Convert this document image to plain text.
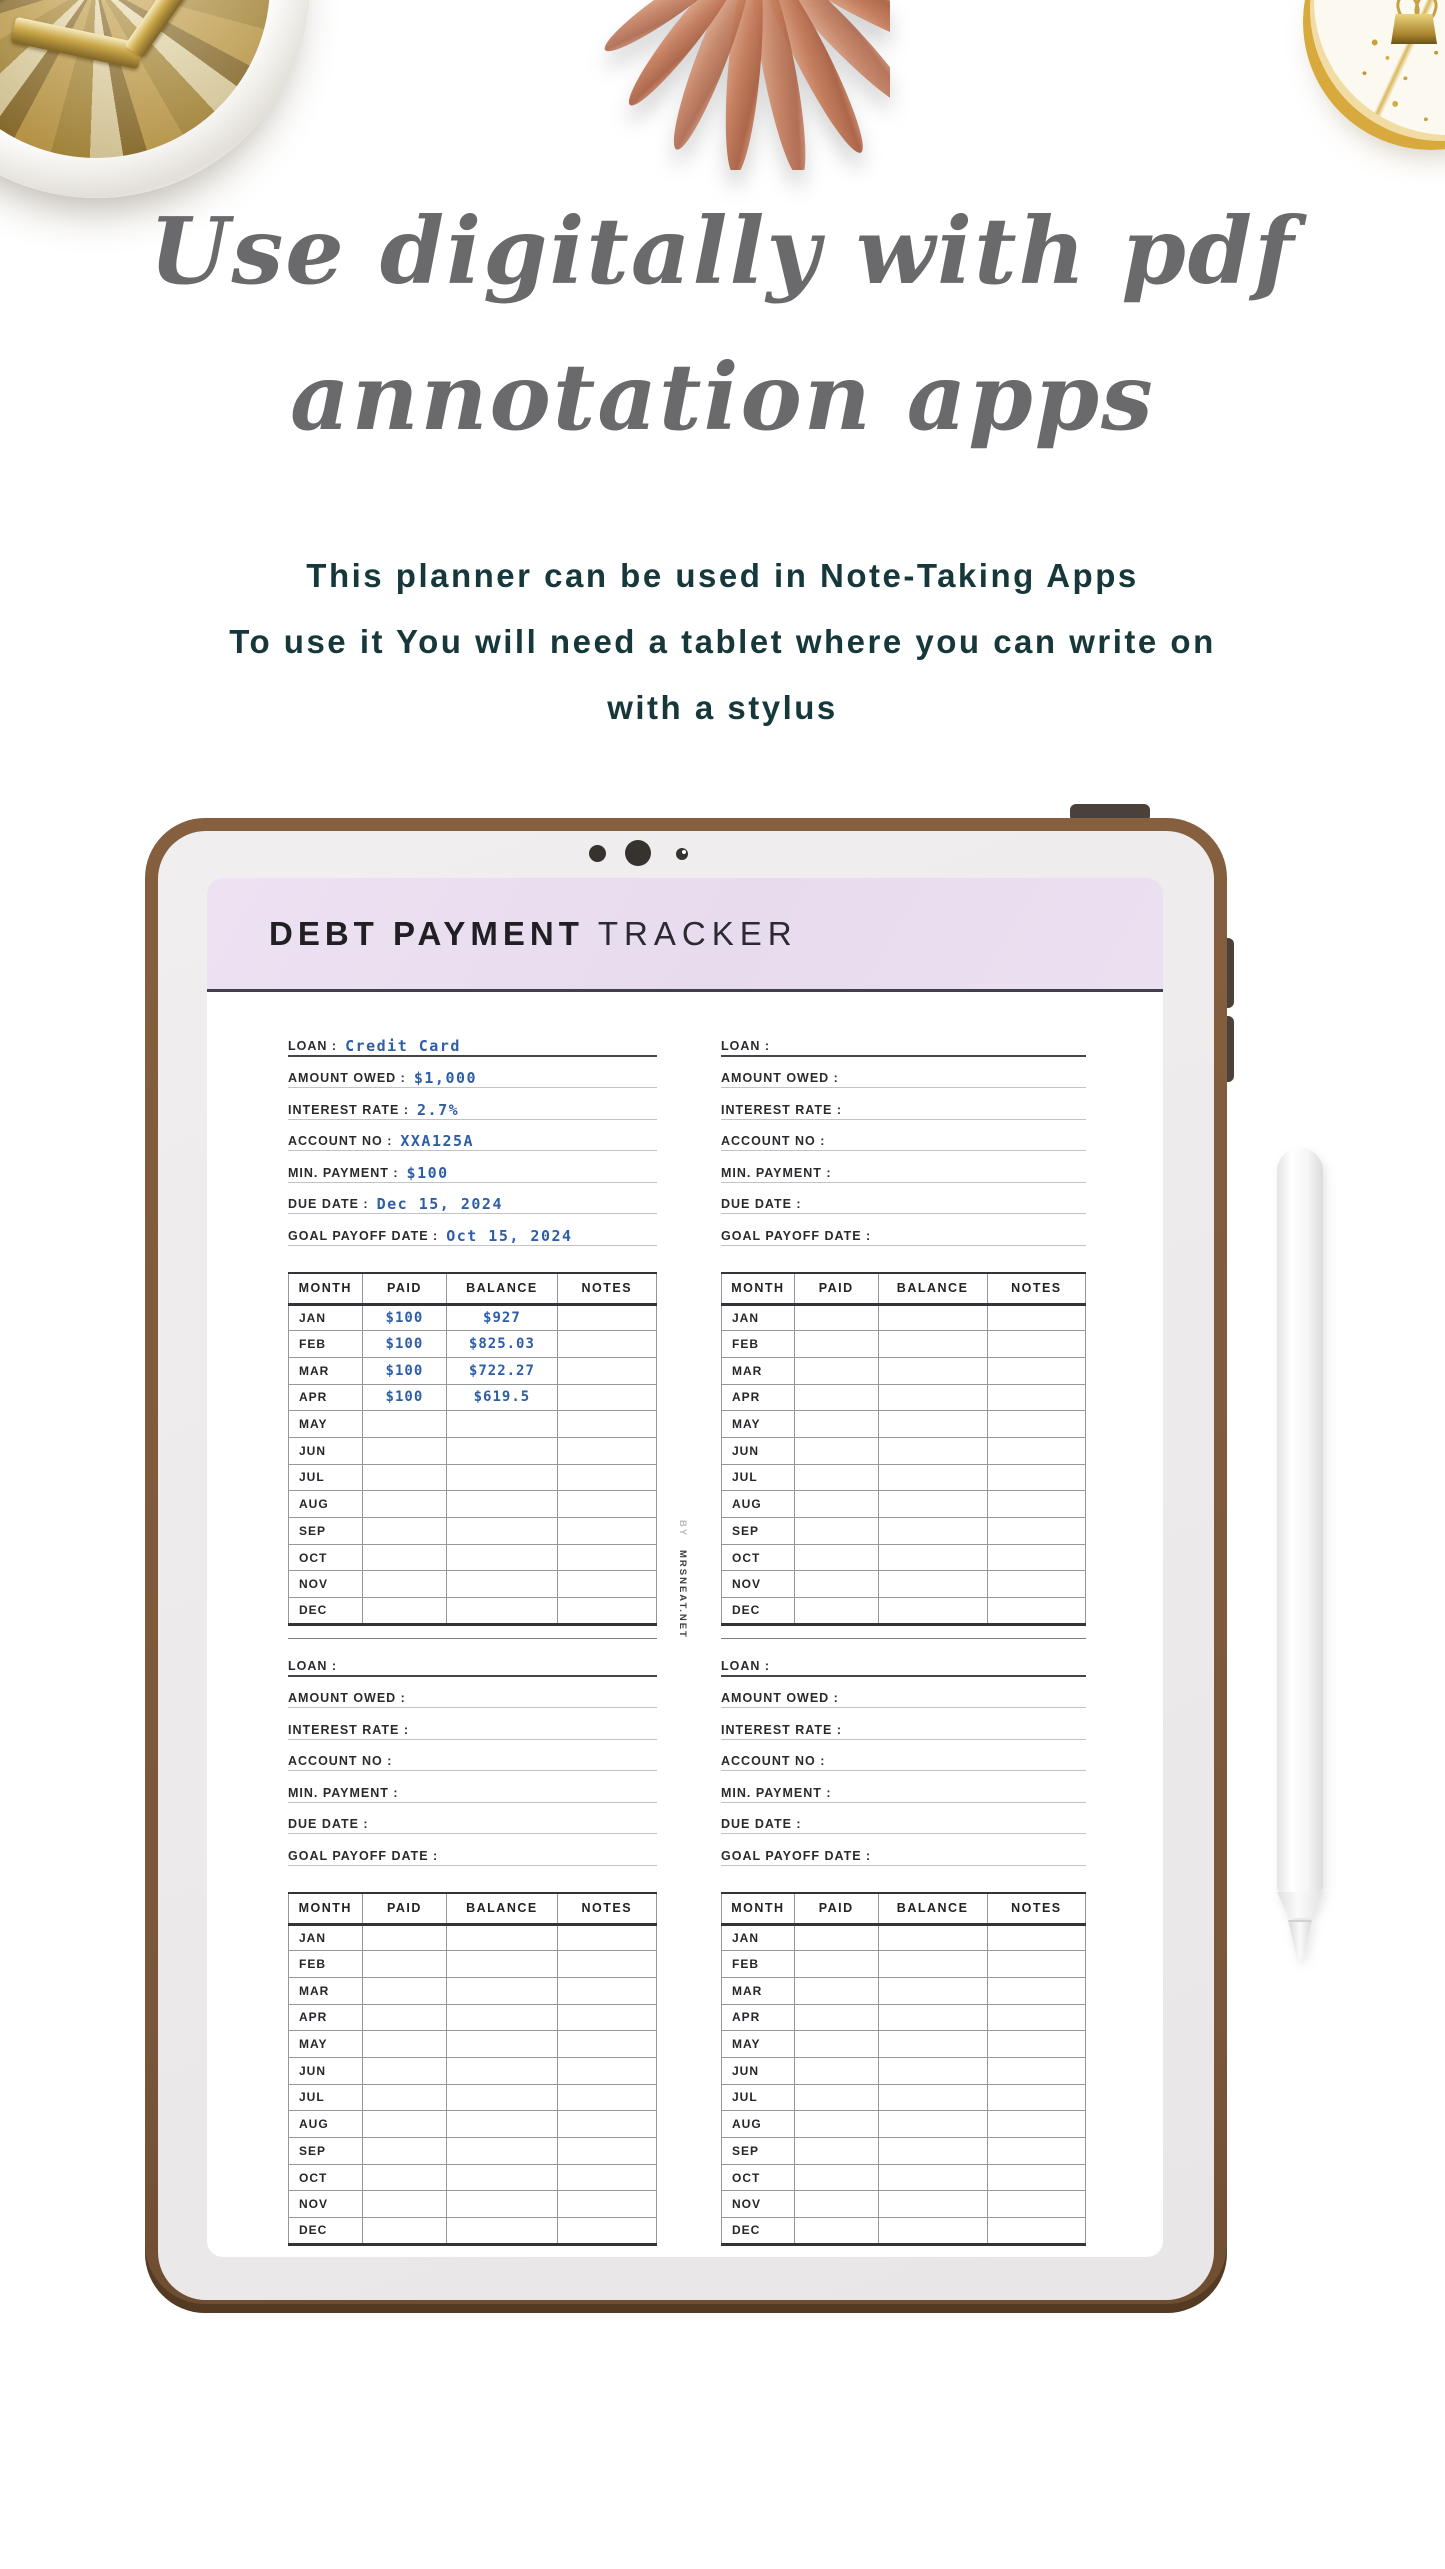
Use digitally with pdf
annotation apps
This planner can be used in Note-Taking Apps
To use it You will need a tablet where you can write on
with a stylus
DEBT PAYMENT TRACKER
LOAN : Credit Card
AMOUNT OWED : $1,000
INTEREST RATE : 2.7%
ACCOUNT NO : XXA125A
MIN. PAYMENT : $100
DUE DATE : Dec 15, 2024
GOAL PAYOFF DATE : Oct 15, 2024
MONTH	PAID	BALANCE	NOTES
JAN	$100	$927	
FEB	$100	$825.03	
MAR	$100	$722.27	
APR	$100	$619.5	
MAY			
JUN			
JUL			
AUG			
SEP			
OCT			
NOV			
DEC			
LOAN :
AMOUNT OWED :
INTEREST RATE :
ACCOUNT NO :
MIN. PAYMENT :
DUE DATE :
GOAL PAYOFF DATE :
MONTH	PAID	BALANCE	NOTES
JAN			
FEB			
MAR			
APR			
MAY			
JUN			
JUL			
AUG			
SEP			
OCT			
NOV			
DEC			
LOAN :
AMOUNT OWED :
INTEREST RATE :
ACCOUNT NO :
MIN. PAYMENT :
DUE DATE :
GOAL PAYOFF DATE :
MONTH	PAID	BALANCE	NOTES
JAN			
FEB			
MAR			
APR			
MAY			
JUN			
JUL			
AUG			
SEP			
OCT			
NOV			
DEC			
LOAN :
AMOUNT OWED :
INTEREST RATE :
ACCOUNT NO :
MIN. PAYMENT :
DUE DATE :
GOAL PAYOFF DATE :
MONTH	PAID	BALANCE	NOTES
JAN			
FEB			
MAR			
APR			
MAY			
JUN			
JUL			
AUG			
SEP			
OCT			
NOV			
DEC			
BY MRSNEAT.NET
